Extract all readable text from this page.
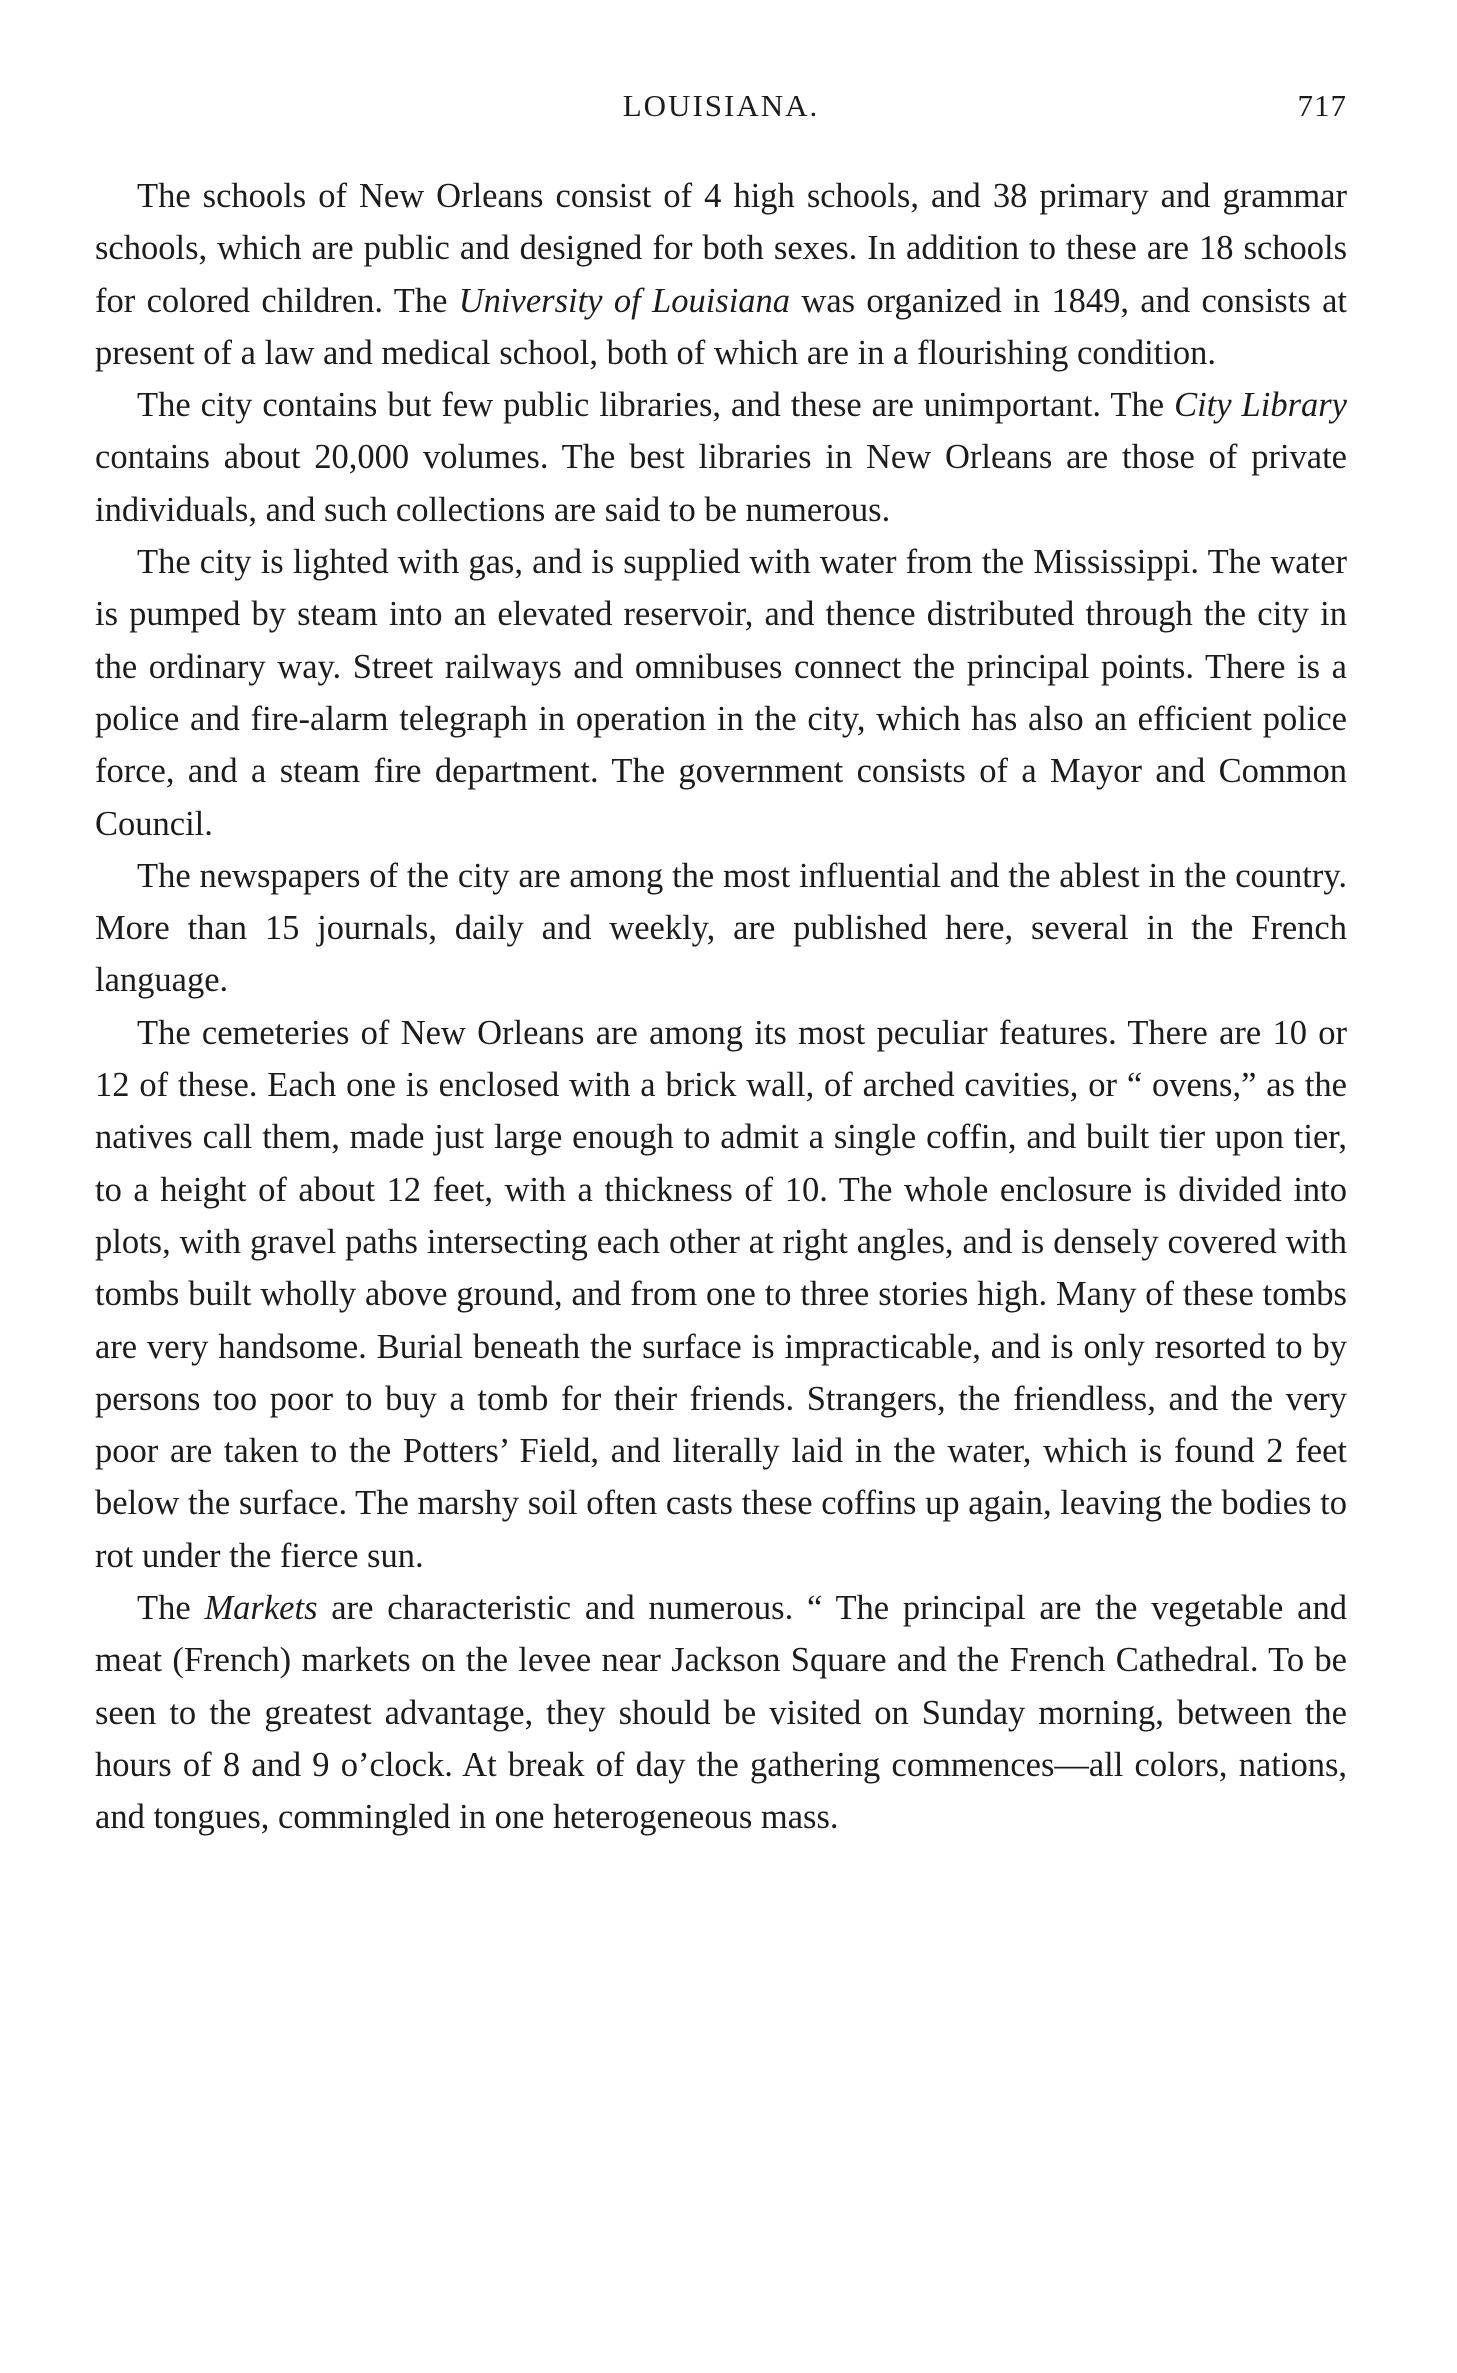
LOUISIANA.	717

The schools of New Orleans consist of 4 high schools, and 38 primary and grammar schools, which are public and designed for both sexes. In addition to these are 18 schools for colored children. The University of Louisiana was organized in 1849, and consists at present of a law and medical school, both of which are in a flourishing condition.

The city contains but few public libraries, and these are unimportant. The City Library contains about 20,000 volumes. The best libraries in New Orleans are those of private individuals, and such collections are said to be numerous.

The city is lighted with gas, and is supplied with water from the Mississippi. The water is pumped by steam into an elevated reservoir, and thence distributed through the city in the ordinary way. Street railways and omnibuses connect the principal points. There is a police and fire-alarm telegraph in operation in the city, which has also an efficient police force, and a steam fire department. The government consists of a Mayor and Common Council.

The newspapers of the city are among the most influential and the ablest in the country. More than 15 journals, daily and weekly, are published here, several in the French language.

The cemeteries of New Orleans are among its most peculiar features. There are 10 or 12 of these. Each one is enclosed with a brick wall, of arched cavities, or “ ovens,” as the natives call them, made just large enough to admit a single coffin, and built tier upon tier, to a height of about 12 feet, with a thickness of 10. The whole enclosure is divided into plots, with gravel paths intersecting each other at right angles, and is densely covered with tombs built wholly above ground, and from one to three stories high. Many of these tombs are very handsome. Burial beneath the surface is impracticable, and is only resorted to by persons too poor to buy a tomb for their friends. Strangers, the friendless, and the very poor are taken to the Potters’ Field, and literally laid in the water, which is found 2 feet below the surface. The marshy soil often casts these coffins up again, leaving the bodies to rot under the fierce sun.

The Markets are characteristic and numerous. “ The principal are the vegetable and meat (French) markets on the levee near Jackson Square and the French Cathedral. To be seen to the greatest advantage, they should be visited on Sunday morning, between the hours of 8 and 9 o’clock. At break of day the gathering commences—all colors, nations, and tongues, commingled in one heterogeneous mass.
